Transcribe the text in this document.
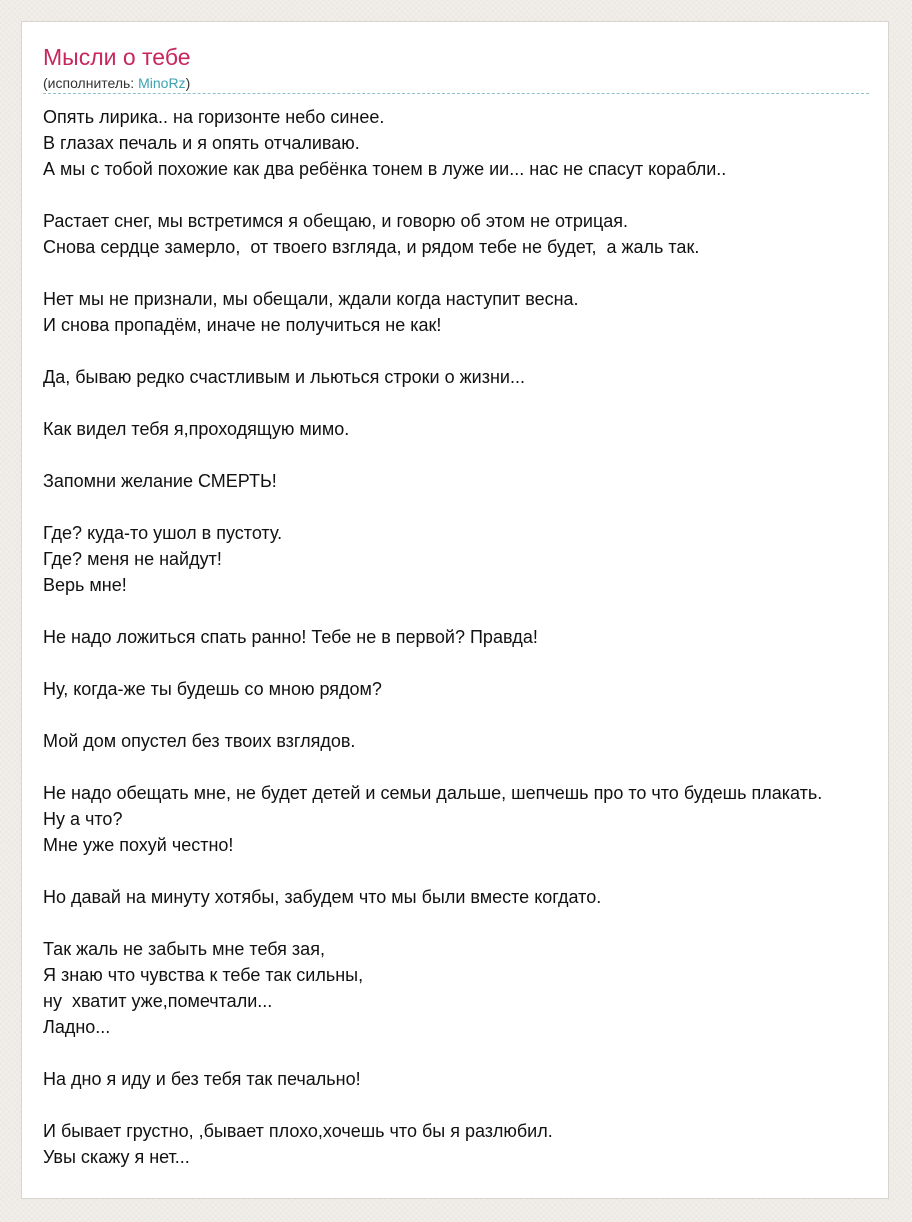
Мысли о тебе
(исполнитель: MinoRz)
Опять лирика.. на горизонте небо синее.
В глазах печаль и я опять отчаливаю.
А мы с тобой похожие как два ребёнка тонем в луже ии... нас не спасут корабли..

Растает снег, мы встретимся я обещаю, и говорю об этом не отрицая.
Снова сердце замерло,  от твоего взгляда, и рядом тебе не будет,  а жаль так.

Нет мы не признали, мы обещали, ждали когда наступит весна.
И снова пропадём, иначе не получиться не как!

Да, бываю редко счастливым и льються строки о жизни...

Как видел тебя я,проходящую мимо.

Запомни желание СМЕРТЬ!

Где? куда-то ушол в пустоту.
Где? меня не найдут!
Верь мне!

Не надо ложиться спать ранно! Тебе не в первой? Правда!

Ну, когда-же ты будешь со мною рядом?

Мой дом опустел без твоих взглядов.

Не надо обещать мне, не будет детей и семьи дальше, шепчешь про то что будешь плакать.
Ну а что?
Мне уже похуй честно!

Но давай на минуту хотябы, забудем что мы были вместе когдато.

Так жаль не забыть мне тебя зая,
Я знаю что чувства к тебе так сильны,
ну  хватит уже,помечтали...
Ладно...

На дно я иду и без тебя так печально!

И бывает грустно, ,бывает плохо,хочешь что бы я разлюбил.
Увы скажу я нет...
